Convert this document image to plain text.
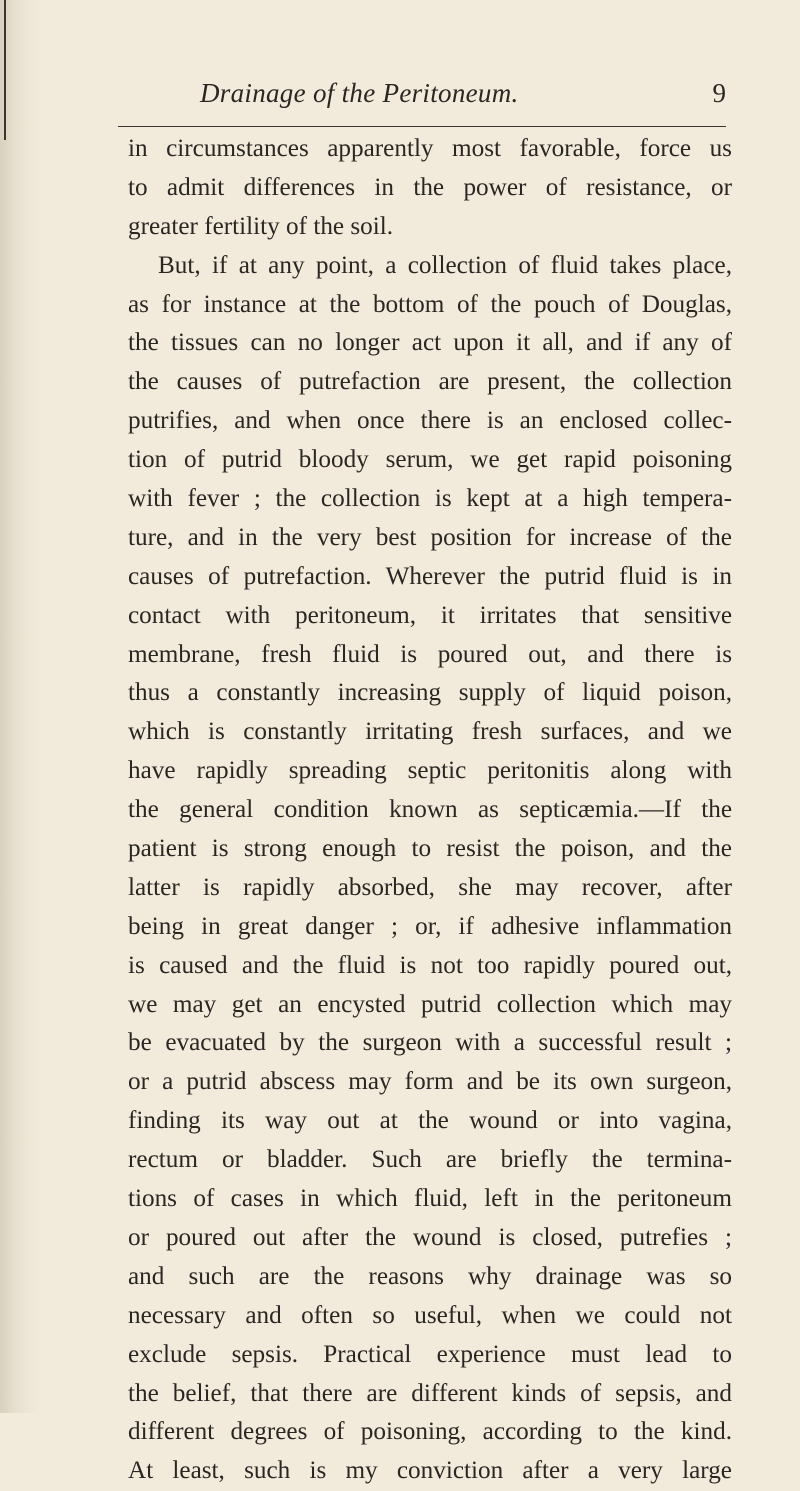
Drainage of the Peritoneum.	9
in circumstances apparently most favorable, force us
to admit differences in the power of resistance, or
greater fertility of the soil.
But, if at any point, a collection of fluid takes place,
as for instance at the bottom of the pouch of Douglas,
the tissues can no longer act upon it all, and if any of
the causes of putrefaction are present, the collection
putrifies, and when once there is an enclosed collec-
tion of putrid bloody serum, we get rapid poisoning
with fever ; the collection is kept at a high tempera-
ture, and in the very best position for increase of the
causes of putrefaction. Wherever the putrid fluid is in
contact with peritoneum, it irritates that sensitive
membrane, fresh fluid is poured out, and there is
thus a constantly increasing supply of liquid poison,
which is constantly irritating fresh surfaces, and we
have rapidly spreading septic peritonitis along with
the general condition known as septicæmia.—If the
patient is strong enough to resist the poison, and the
latter is rapidly absorbed, she may recover, after
being in great danger ; or, if adhesive inflammation
is caused and the fluid is not too rapidly poured out,
we may get an encysted putrid collection which may
be evacuated by the surgeon with a successful result ;
or a putrid abscess may form and be its own surgeon,
finding its way out at the wound or into vagina,
rectum or bladder. Such are briefly the termina-
tions of cases in which fluid, left in the peritoneum
or poured out after the wound is closed, putrefies ;
and such are the reasons why drainage was so
necessary and often so useful, when we could not
exclude sepsis. Practical experience must lead to
the belief, that there are different kinds of sepsis, and
different degrees of poisoning, according to the kind.
At least, such is my conviction after a very large
